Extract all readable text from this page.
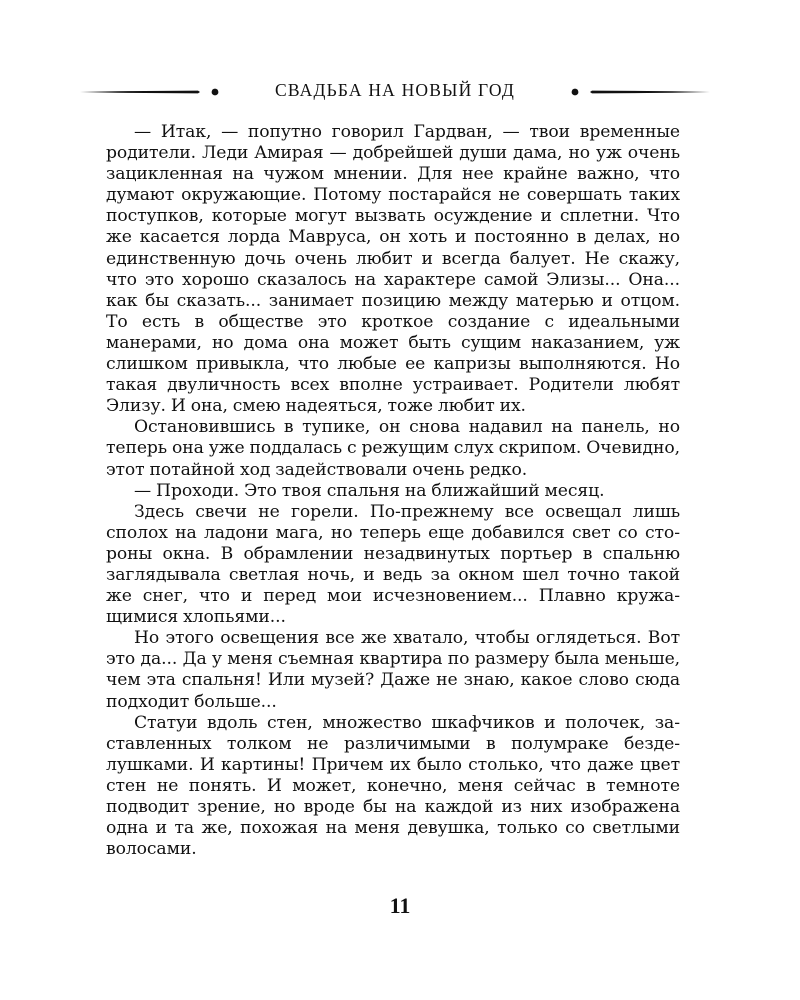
СВАДЬБА НА НОВЫЙ ГОД

— Итак, — попутно говорил Гардван, — твои временные родители. Леди Амирая — добрейшей души дама, но уж очень зацикленная на чужом мнении. Для нее крайне важно, что думают окружающие. Потому постарайся не совершать таких поступков, которые могут вызвать осуждение и сплетни. Что же касается лорда Мавруса, он хоть и постоянно в делах, но единственную дочь очень любит и всегда балует. Не скажу, что это хорошо сказалось на характере самой Элизы... Она... как бы сказать... занимает позицию между матерью и отцом. То есть в обществе это кроткое создание с идеальными манерами, но дома она может быть сущим наказанием, уж слишком привыкла, что любые ее капризы выполняются. Но такая двуличность всех вполне устраивает. Родители любят Элизу. И она, смею надеяться, тоже любит их.

Остановившись в тупике, он снова надавил на панель, но теперь она уже поддалась с режущим слух скрипом. Очевидно, этот потайной ход задействовали очень редко.

— Проходи. Это твоя спальня на ближайший месяц.

Здесь свечи не горели. По-прежнему все освещал лишь сполох на ладони мага, но теперь еще добавился свет со стороны окна. В обрамлении незадвинутых портьер в спальню заглядывала светлая ночь, и ведь за окном шел точно такой же снег, что и перед мои исчезновением... Плавно кружащимися хлопьями...

Но этого освещения все же хватало, чтобы оглядеться. Вот это да... Да у меня съемная квартира по размеру была меньше, чем эта спальня! Или музей? Даже не знаю, какое слово сюда подходит больше...

Статуи вдоль стен, множество шкафчиков и полочек, заставленных толком не различимыми в полумраке безделушками. И картины! Причем их было столько, что даже цвет стен не понять. И может, конечно, меня сейчас в темноте подводит зрение, но вроде бы на каждой из них изображена одна и та же, похожая на меня девушка, только со светлыми волосами.

11
